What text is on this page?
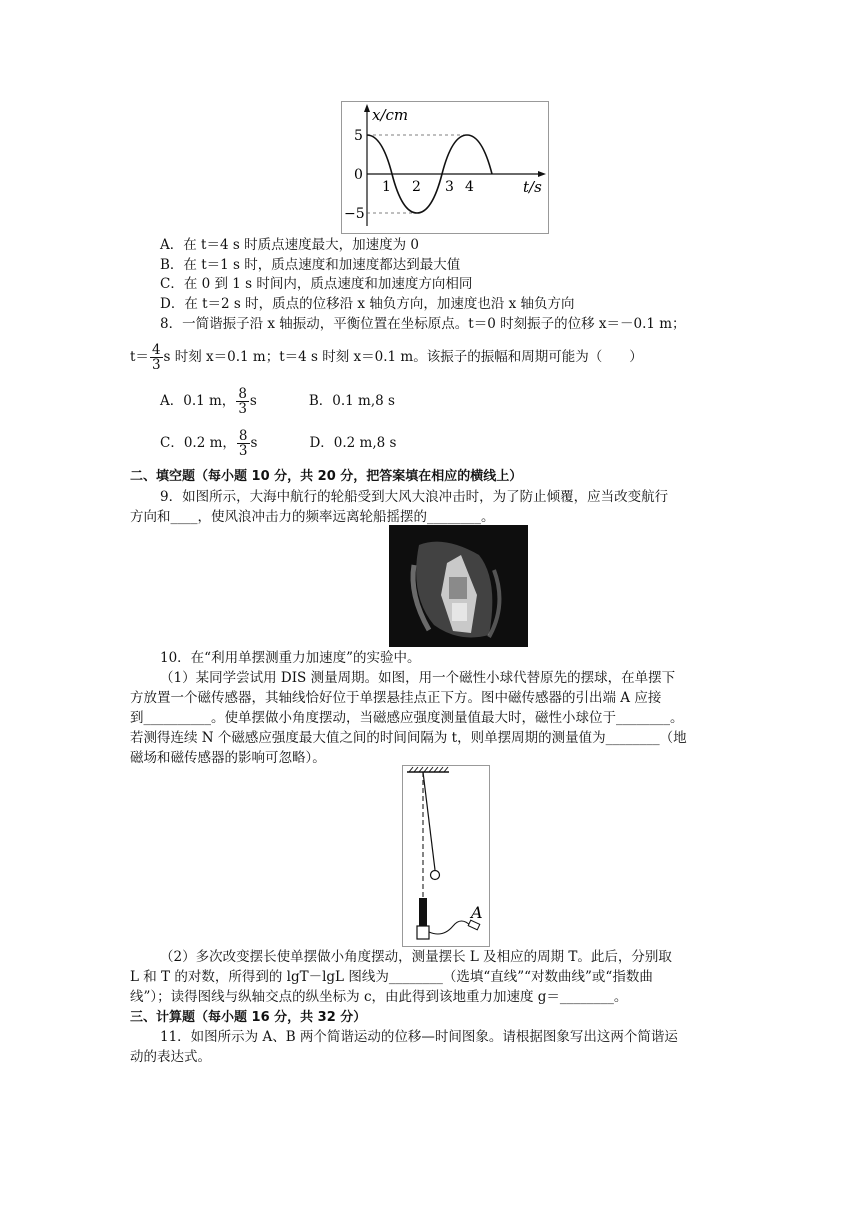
5
0
−5
1 2 3 4
x/cm
t/s
A．在 t＝4 s 时质点速度最大，加速度为 0
B．在 t＝1 s 时，质点速度和加速度都达到最大值
C．在 0 到 1 s 时间内，质点速度和加速度方向相同
D．在 t＝2 s 时，质点的位移沿 x 轴负方向，加速度也沿 x 轴负方向
8．一简谐振子沿 x 轴振动，平衡位置在坐标原点。t＝0 时刻振子的位移 x＝－0.1 m；
$t= \frac{4}{3}$ s 时刻 x＝0.1 m；t＝4 s 时刻 x＝0.1 m。该振子的振幅和周期可能为（　　）
A．0.1 m， $\frac{8}{3}$ s	B．0.1 m,8 s
C．0.2 m， $\frac{8}{3}$ s	D．0.2 m,8 s
二、填空题（每小题 10 分，共 20 分，把答案填在相应的横线上）
9．如图所示，大海中航行的轮船受到大风大浪冲击时，为了防止倾覆，应当改变航行
方向和____，使风浪冲击力的频率远离轮船摇摆的________。
10．在“利用单摆测重力加速度”的实验中。
（1）某同学尝试用 DIS 测量周期。如图，用一个磁性小球代替原先的摆球，在单摆下
方放置一个磁传感器，其轴线恰好位于单摆悬挂点正下方。图中磁传感器的引出端 A 应接
到__________。使单摆做小角度摆动，当磁感应强度测量值最大时，磁性小球位于________。
若测得连续 N 个磁感应强度最大值之间的时间间隔为 t，则单摆周期的测量值为________（地
磁场和磁传感器的影响可忽略）。
A
（2）多次改变摆长使单摆做小角度摆动，测量摆长 L 及相应的周期 T。此后，分别取
L 和 T 的对数，所得到的 lgT－lgL 图线为________（选填“直线”“对数曲线”或“指数曲
线”）；读得图线与纵轴交点的纵坐标为 c，由此得到该地重力加速度 g＝________。
三、计算题（每小题 16 分，共 32 分）
11．如图所示为 A、B 两个简谐运动的位移—时间图象。请根据图象写出这两个简谐运
动的表达式。
